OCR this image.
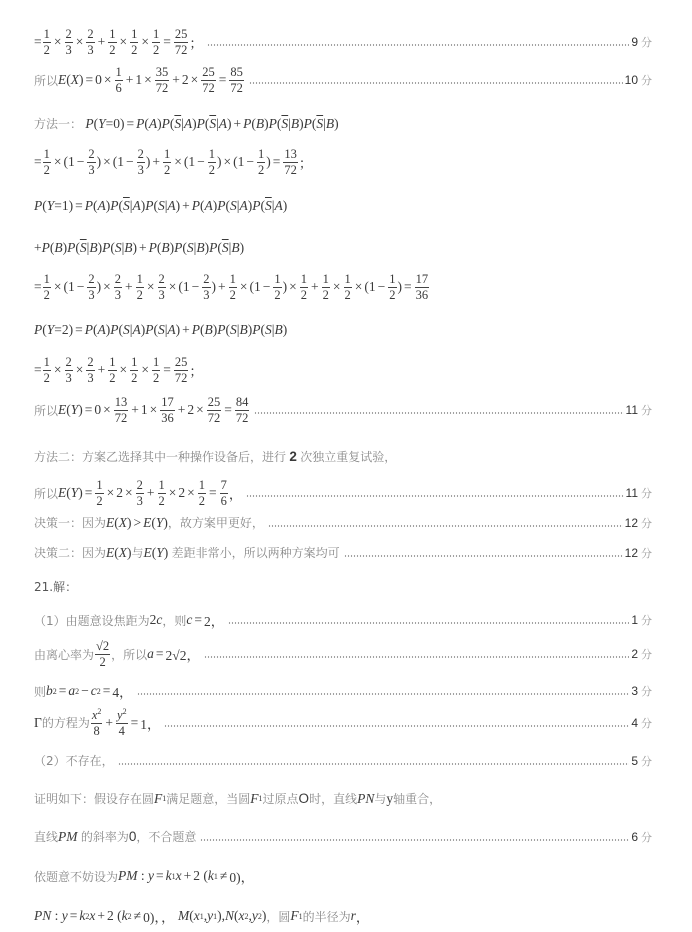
= $\frac{1}{2} \times \frac{2}{3} \times \frac{2}{3} + \frac{1}{2} \times \frac{1}{2} \times \frac{1}{2} = \frac{25}{72}$ ；	9 分
所以 E ( X ) = $0 \times \frac{1}{6} + 1 \times \frac{35}{72} + 2 \times \frac{25}{72} = \frac{85}{72}$	10 分
方法一：
P ( Y =0) = P ( A ) P ( $\overline{S}$ | A ) P ( $\overline{S}$ | A ) + P ( B ) P ( $\overline{S}$ | B ) P ( $\overline{S}$ | B )
= $\frac{1}{2} \times (1 - \frac{2}{3}$ ) × ($1 - \frac{2}{3}$ ) + $\frac{1}{2} \times (1 - \frac{1}{2}$ ) × ($1 - \frac{1}{2}$ ) = $\frac{13}{72}$ ；
P ( Y =1) = P ( A ) P ( $\overline{S}$ | A ) P ( S | A ) + P ( A ) P ( S | A ) P ( $\overline{S}$ | A )
+ P ( B ) P ( $\overline{S}$ | B ) P ( S | B ) + P ( B ) P ( S | B ) P ( $\overline{S}$ | B )
= $\frac{1}{2} \times (1 - \frac{2}{3}$ ) × $\frac{2}{3} + \frac{1}{2} \times \frac{2}{3} \times (1 - \frac{2}{3}$ ) + $\frac{1}{2} \times (1 - \frac{1}{2}$ ) × $\frac{1}{2} + \frac{1}{2} \times \frac{1}{2} \times (1 - \frac{1}{2}$ ) = $\frac{17}{36}$
P ( Y =2) = P ( A ) P ( S | A ) P ( S | A ) + P ( B ) P ( S | B ) P ( S | B )
= $\frac{1}{2} \times \frac{2}{3} \times \frac{2}{3} + \frac{1}{2} \times \frac{1}{2} \times \frac{1}{2} = \frac{25}{72}$ ；
所以 E ( Y ) = $0 \times \frac{13}{72} + 1 \times \frac{17}{36} + 2 \times \frac{25}{72} = \frac{84}{72}$	11 分
方法二：方案乙选择其中一种操作设备后，进行
2
次独立重复试验，
所以 E ( Y ) = $\frac{1}{2} \times 2 \times \frac{2}{3} + \frac{1}{2} \times 2 \times \frac{1}{2} = \frac{7}{6}$ ，	11 分
决策一：因为 E ( X ) > E ( Y ) ，故方案甲更好，	12 分
决策二：因为 E ( X ) 与 E ( Y ) 差距非常小，所以两种方案均可	12 分
21.解：
（1）由题意设焦距为 2 c ，则 c = 2，	1 分
由离心率为 $\frac{√2}{2}$ ，所以 a = 2√2，	2 分
则 b 2 = a 2 − c 2 = 4，	3 分
Γ 的方程为 $\frac{x^2}{8} + \frac{y^2}{4} = 1$，	4 分
（2）不存在，	5 分
证明如下：假设存在圆 F 1 满足题意，当圆 F 1 过原点 O 时，直线 PN 与 y 轴重合，
直线 PM
的斜率为 0 ，不合题意	6 分
依题意不妨设为 PM : y = k 1 x + 2 ( k 1 ≠ 0)，
PN : y = k 2 x + 2 ( k 2 ≠ 0)，， M ( x 1 , y 1 ), N ( x 2 , y 2 ) ，圆 F 1 的半径为 r ，
